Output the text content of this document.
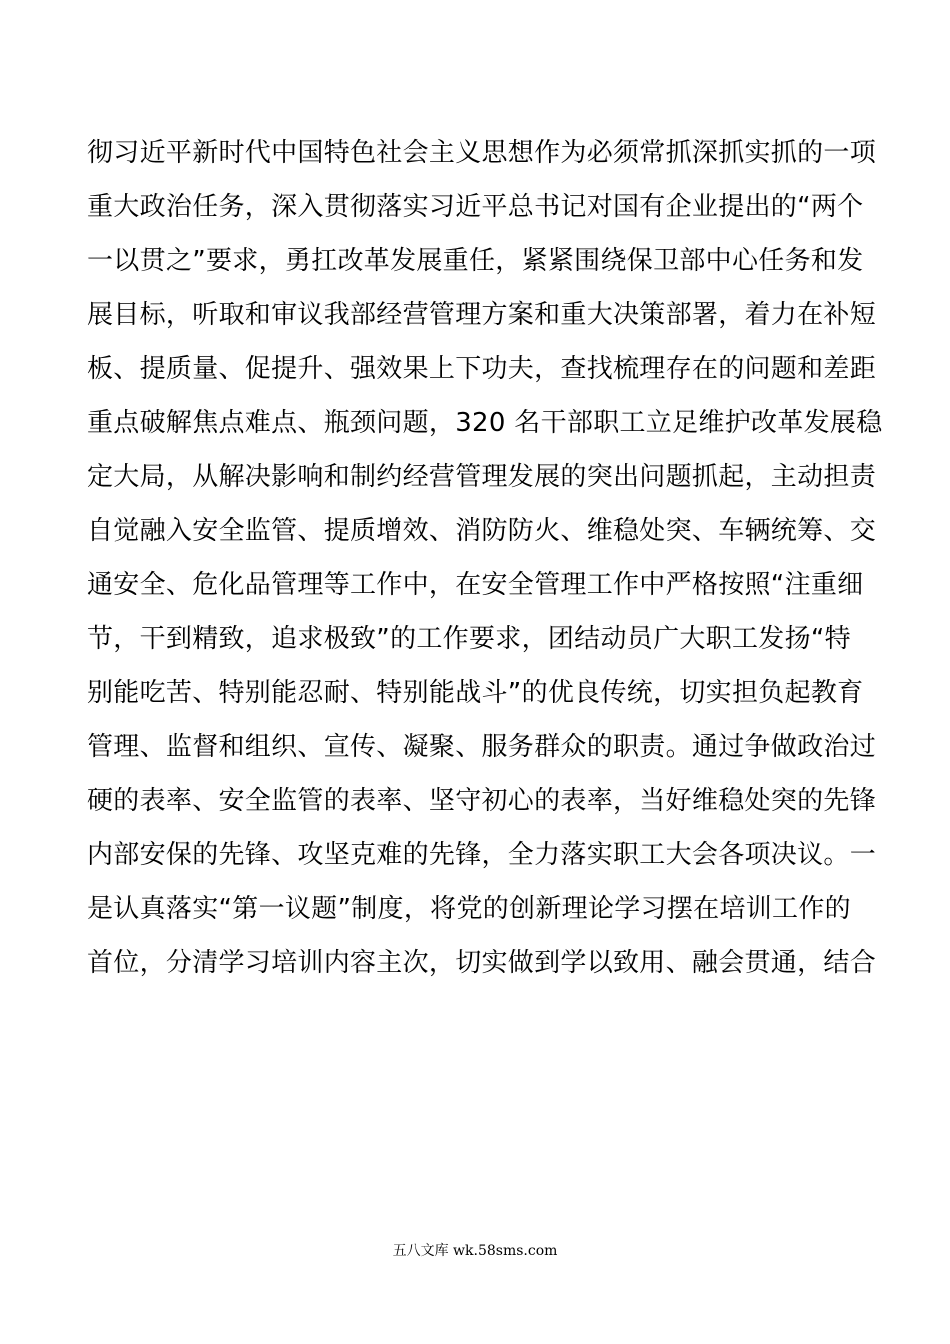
彻习近平新时代中国特色社会主义思想作为必须常抓深抓实抓的一项
重大政治任务，深入贯彻落实习近平总书记对国有企业提出的“两个
一以贯之”要求，勇扛改革发展重任，紧紧围绕保卫部中心任务和发
展目标，听取和审议我部经营管理方案和重大决策部署，着力在补短
板、提质量、促提升、强效果上下功夫，查找梳理存在的问题和差距
重点破解焦点难点、瓶颈问题，320 名干部职工立足维护改革发展稳
定大局，从解决影响和制约经营管理发展的突出问题抓起，主动担责
自觉融入安全监管、提质增效、消防防火、维稳处突、车辆统筹、交
通安全、危化品管理等工作中，在安全管理工作中严格按照“注重细
节，干到精致，追求极致”的工作要求，团结动员广大职工发扬“特
别能吃苦、特别能忍耐、特别能战斗”的优良传统，切实担负起教育
管理、监督和组织、宣传、凝聚、服务群众的职责。通过争做政治过
硬的表率、安全监管的表率、坚守初心的表率，当好维稳处突的先锋
内部安保的先锋、攻坚克难的先锋，全力落实职工大会各项决议。一
是认真落实“第一议题”制度，将党的创新理论学习摆在培训工作的
首位，分清学习培训内容主次，切实做到学以致用、融会贯通，结合
五八文库 wk.58sms.com
